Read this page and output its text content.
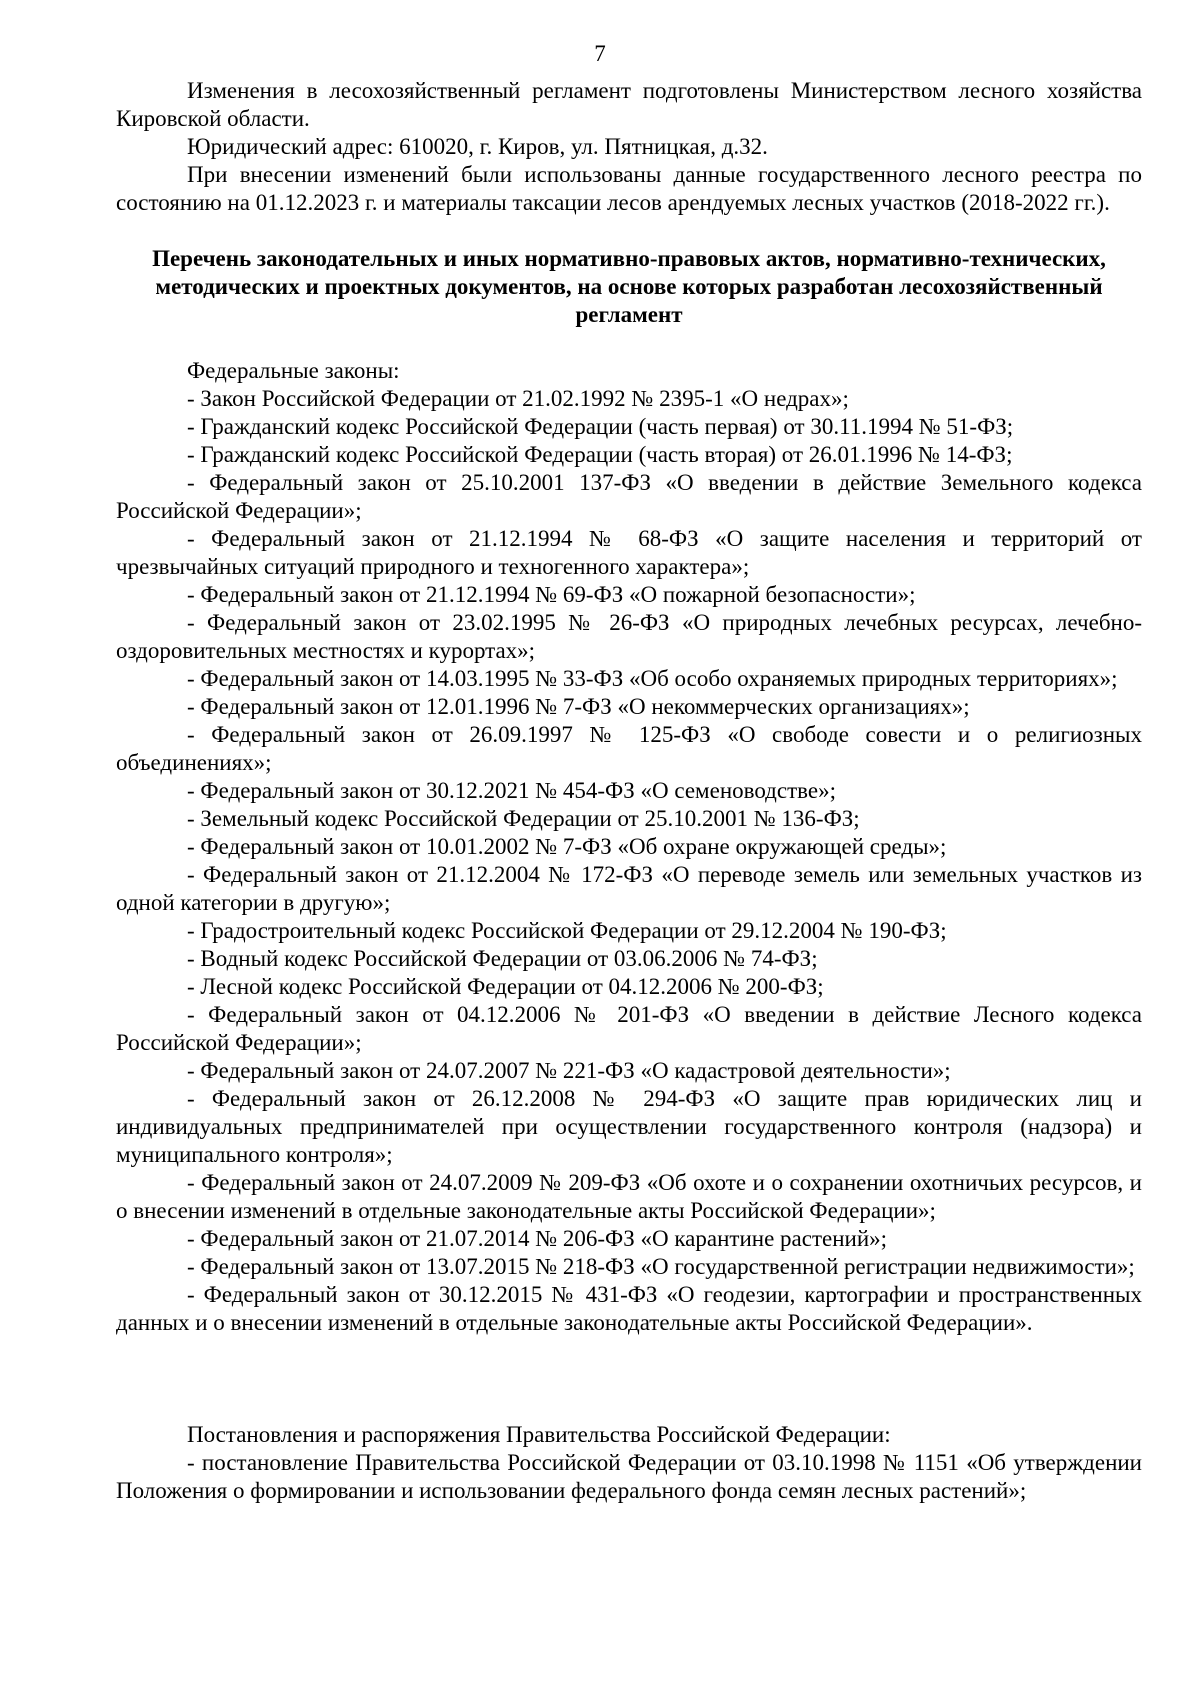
7

Изменения в лесохозяйственный регламент подготовлены Министерством лесного хозяйства Кировской области.

Юридический адрес: 610020, г. Киров, ул. Пятницкая, д.32.

При внесении изменений были использованы данные государственного лесного реестра по состоянию на 01.12.2023 г. и материалы таксации лесов арендуемых лесных участков (2018-2022 гг.).

Перечень законодательных и иных нормативно-правовых актов, нормативно-технических, методических и проектных документов, на основе которых разработан лесохозяйственный регламент

Федеральные законы:

- Закон Российской Федерации от 21.02.1992 № 2395-1 «О недрах»;

- Гражданский кодекс Российской Федерации (часть первая) от 30.11.1994 № 51-ФЗ;

- Гражданский кодекс Российской Федерации (часть вторая) от 26.01.1996 № 14-ФЗ;

- Федеральный закон от 25.10.2001 137-ФЗ «О введении в действие Земельного кодекса Российской Федерации»;

- Федеральный закон от 21.12.1994 № 68-ФЗ «О защите населения и территорий от чрезвычайных ситуаций природного и техногенного характера»;

- Федеральный закон от 21.12.1994 № 69-ФЗ «О пожарной безопасности»;

- Федеральный закон от 23.02.1995 № 26-ФЗ «О природных лечебных ресурсах, лечебно-оздоровительных местностях и курортах»;

- Федеральный закон от 14.03.1995 № 33-ФЗ «Об особо охраняемых природных территориях»;

- Федеральный закон от 12.01.1996 № 7-ФЗ «О некоммерческих организациях»;

- Федеральный закон от 26.09.1997 № 125-ФЗ «О свободе совести и о религиозных объединениях»;

- Федеральный закон от 30.12.2021 № 454-ФЗ «О семеноводстве»;

- Земельный кодекс Российской Федерации от 25.10.2001 № 136-ФЗ;

- Федеральный закон от 10.01.2002 № 7-ФЗ «Об охране окружающей среды»;

- Федеральный закон от 21.12.2004 № 172-ФЗ «О переводе земель или земельных участков из одной категории в другую»;

- Градостроительный кодекс Российской Федерации от 29.12.2004 № 190-ФЗ;

- Водный кодекс Российской Федерации от 03.06.2006 № 74-ФЗ;

- Лесной кодекс Российской Федерации от 04.12.2006 № 200-ФЗ;

- Федеральный закон от 04.12.2006 № 201-ФЗ «О введении в действие Лесного кодекса Российской Федерации»;

- Федеральный закон от 24.07.2007 № 221-ФЗ «О кадастровой деятельности»;

- Федеральный закон от 26.12.2008 № 294-ФЗ «О защите прав юридических лиц и индивидуальных предпринимателей при осуществлении государственного контроля (надзора) и муниципального контроля»;

- Федеральный закон от 24.07.2009 № 209-ФЗ «Об охоте и о сохранении охотничьих ресурсов, и о внесении изменений в отдельные законодательные акты Российской Федерации»;

- Федеральный закон от 21.07.2014 № 206-ФЗ «О карантине растений»;

- Федеральный закон от 13.07.2015 № 218-ФЗ «О государственной регистрации недвижимости»;

- Федеральный закон от 30.12.2015 № 431-ФЗ «О геодезии, картографии и пространственных данных и о внесении изменений в отдельные законодательные акты Российской Федерации».

Постановления и распоряжения Правительства Российской Федерации:

- постановление Правительства Российской Федерации от 03.10.1998 № 1151 «Об утверждении Положения о формировании и использовании федерального фонда семян лесных растений»;
